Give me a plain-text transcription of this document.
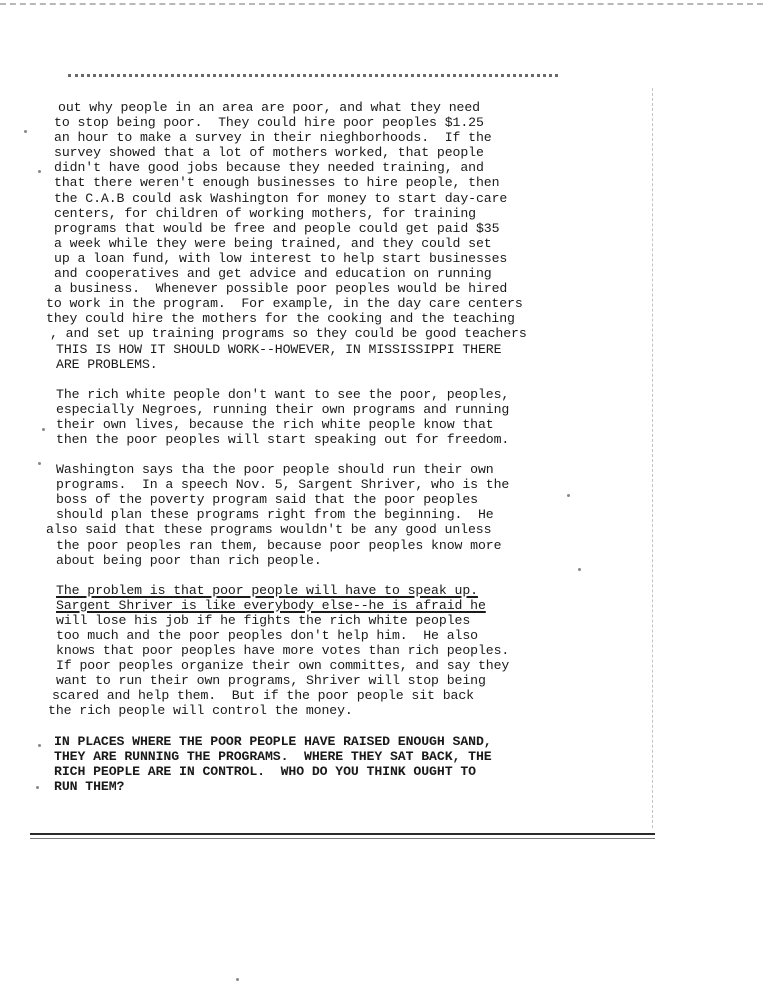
out why people in an area are poor, and what they need
to stop being poor.  They could hire poor peoples $1.25
an hour to make a survey in their nieghborhoods.  If the
survey showed that a lot of mothers worked, that people
didn't have good jobs because they needed training, and
that there weren't enough businesses to hire people, then
the C.A.B could ask Washington for money to start day-care
centers, for children of working mothers, for training
programs that would be free and people could get paid $35
a week while they were being trained, and they could set
up a loan fund, with low interest to help start businesses
and cooperatives and get advice and education on running
a business.  Whenever possible poor peoples would be hired
to work in the program.  For example, in the day care centers
they could hire the mothers for the cooking and the teaching
, and set up training programs so they could be good teachers
THIS IS HOW IT SHOULD WORK--HOWEVER, IN MISSISSIPPI THERE
ARE PROBLEMS.
The rich white people don't want to see the poor, peoples,
especially Negroes, running their own programs and running
their own lives, because the rich white people know that
then the poor peoples will start speaking out for freedom.
Washington says tha the poor people should run their own
programs.  In a speech Nov. 5, Sargent Shriver, who is the
boss of the poverty program said that the poor peoples
should plan these programs right from the beginning.  He
also said that these programs wouldn't be any good unless
the poor peoples ran them, because poor peoples know more
about being poor than rich people.
The problem is that poor people will have to speak up.
Sargent Shriver is like everybody else--he is afraid he
will lose his job if he fights the rich white peoples
too much and the poor peoples don't help him.  He also
knows that poor peoples have more votes than rich peoples.
If poor peoples organize their own committes, and say they
want to run their own programs, Shriver will stop being
scared and help them.  But if the poor people sit back
the rich people will control the money.
IN PLACES WHERE THE POOR PEOPLE HAVE RAISED ENOUGH SAND,
THEY ARE RUNNING THE PROGRAMS.  WHERE THEY SAT BACK, THE
RICH PEOPLE ARE IN CONTROL.  WHO DO YOU THINK OUGHT TO
RUN THEM?
